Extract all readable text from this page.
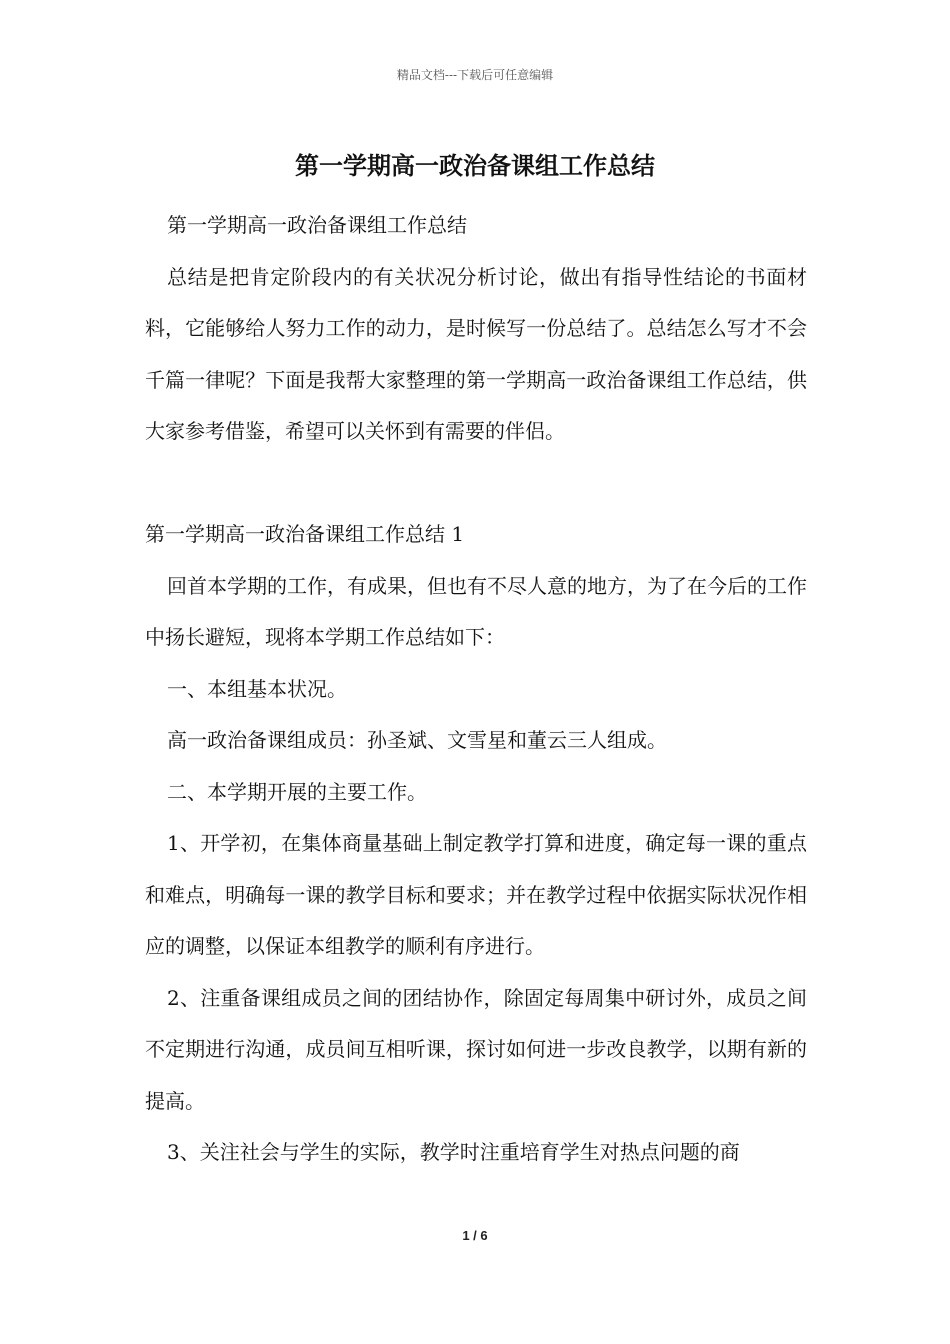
精品文档---下载后可任意编辑
第一学期高一政治备课组工作总结

第一学期高一政治备课组工作总结

总结是把肯定阶段内的有关状况分析讨论，做出有指导性结论的书面材料，它能够给人努力工作的动力，是时候写一份总结了。总结怎么写才不会千篇一律呢？下面是我帮大家整理的第一学期高一政治备课组工作总结，供大家参考借鉴，希望可以关怀到有需要的伴侣。

第一学期高一政治备课组工作总结 1

回首本学期的工作，有成果，但也有不尽人意的地方，为了在今后的工作中扬长避短，现将本学期工作总结如下：

一、本组基本状况。

高一政治备课组成员：孙圣斌、文雪星和董云三人组成。

二、本学期开展的主要工作。

1、开学初，在集体商量基础上制定教学打算和进度，确定每一课的重点和难点，明确每一课的教学目标和要求；并在教学过程中依据实际状况作相应的调整，以保证本组教学的顺利有序进行。

2、注重备课组成员之间的团结协作，除固定每周集中研讨外，成员之间不定期进行沟通，成员间互相听课，探讨如何进一步改良教学，以期有新的提高。

3、关注社会与学生的实际，教学时注重培育学生对热点问题的商

1 / 6
